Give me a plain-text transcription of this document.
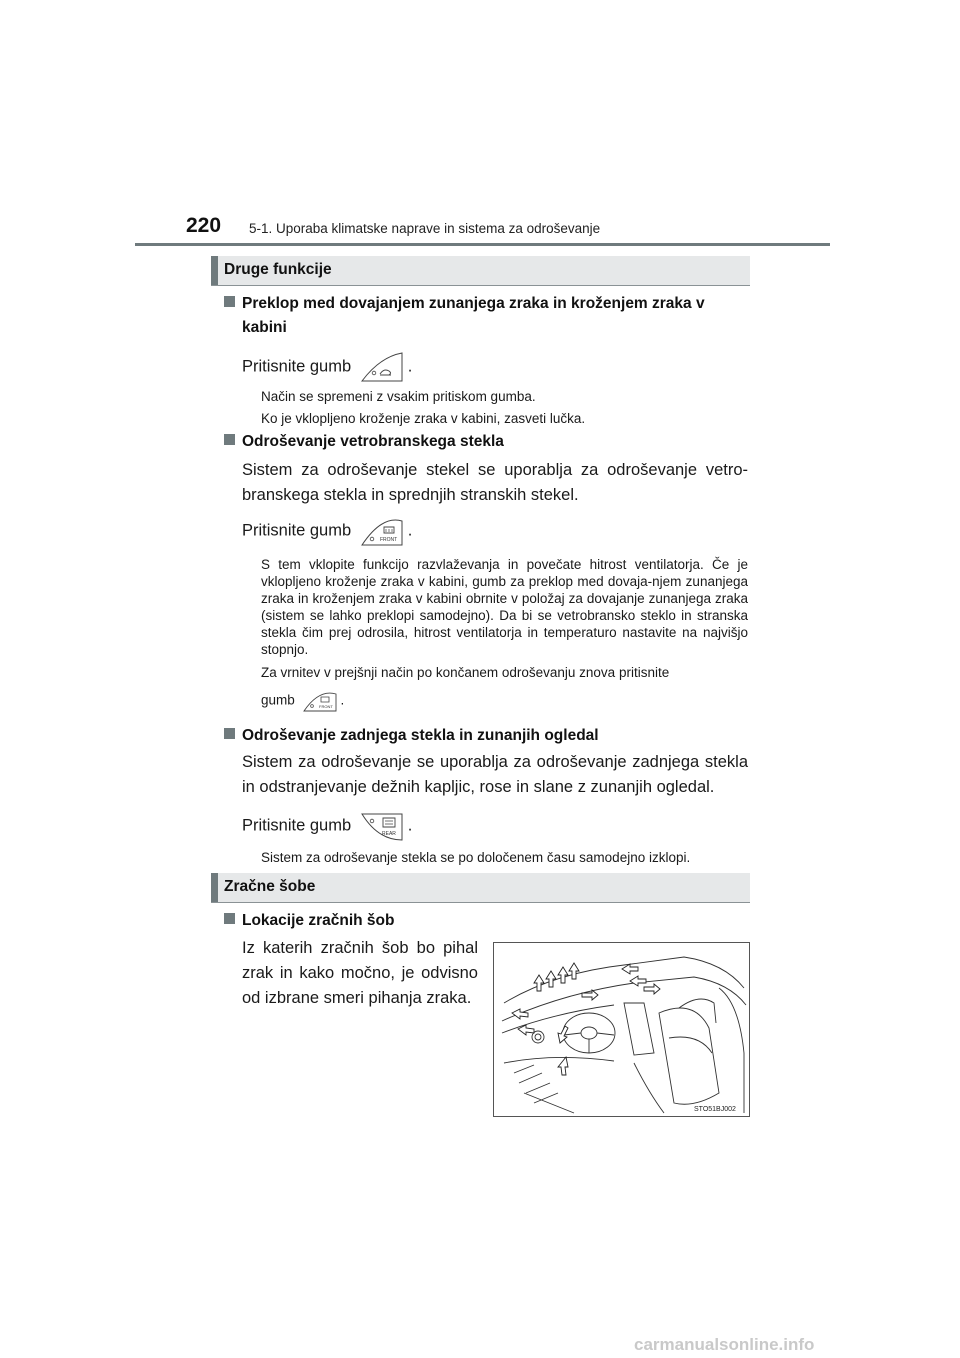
220 5-1. Uporaba klimatske naprave in sistema za odroševanje
Druge funkcije
Preklop med dovajanjem zunanjega zraka in kroženjem zraka v
kabini
Pritisnite gumb	.
Način se spremeni z vsakim pritiskom gumba.
Ko je vklopljeno kroženje zraka v kabini, zasveti lučka.
Odroševanje vetrobranskega stekla
Sistem za odroševanje stekel se uporablja za odroševanje vetro-branskega stekla in sprednjih stranskih stekel.
Pritisnite gumb
FRONT
.
S tem vklopite funkcijo razvlaževanja in povečate hitrost ventilatorja. Če je vklopljeno kroženje zraka v kabini, gumb za preklop med dovaja-njem zunanjega zraka in kroženjem zraka v kabini obrnite v položaj za dovajanje zunanjega zraka (sistem se lahko preklopi samodejno). Da bi se vetrobransko steklo in stranska stekla čim prej odrosila, hitrost ventilatorja in temperaturo nastavite na najvišjo stopnjo.
Za vrnitev v prejšnji način po končanem odroševanju znova pritisnite
gumb	FRONT .
Odroševanje zadnjega stekla in zunanjih ogledal
Sistem za odroševanje se uporablja za odroševanje zadnjega stekla in odstranjevanje dežnih kapljic, rose in slane z zunanjih ogledal.
Pritisnite gumb	REAR .
Sistem za odroševanje stekla se po določenem času samodejno izklopi.
Zračne šobe
Lokacije zračnih šob
Iz katerih zračnih šob bo pihal zrak in kako močno, je odvisno od izbrane smeri pihanja zraka.
STO51BJ002
carmanualsonline.info
